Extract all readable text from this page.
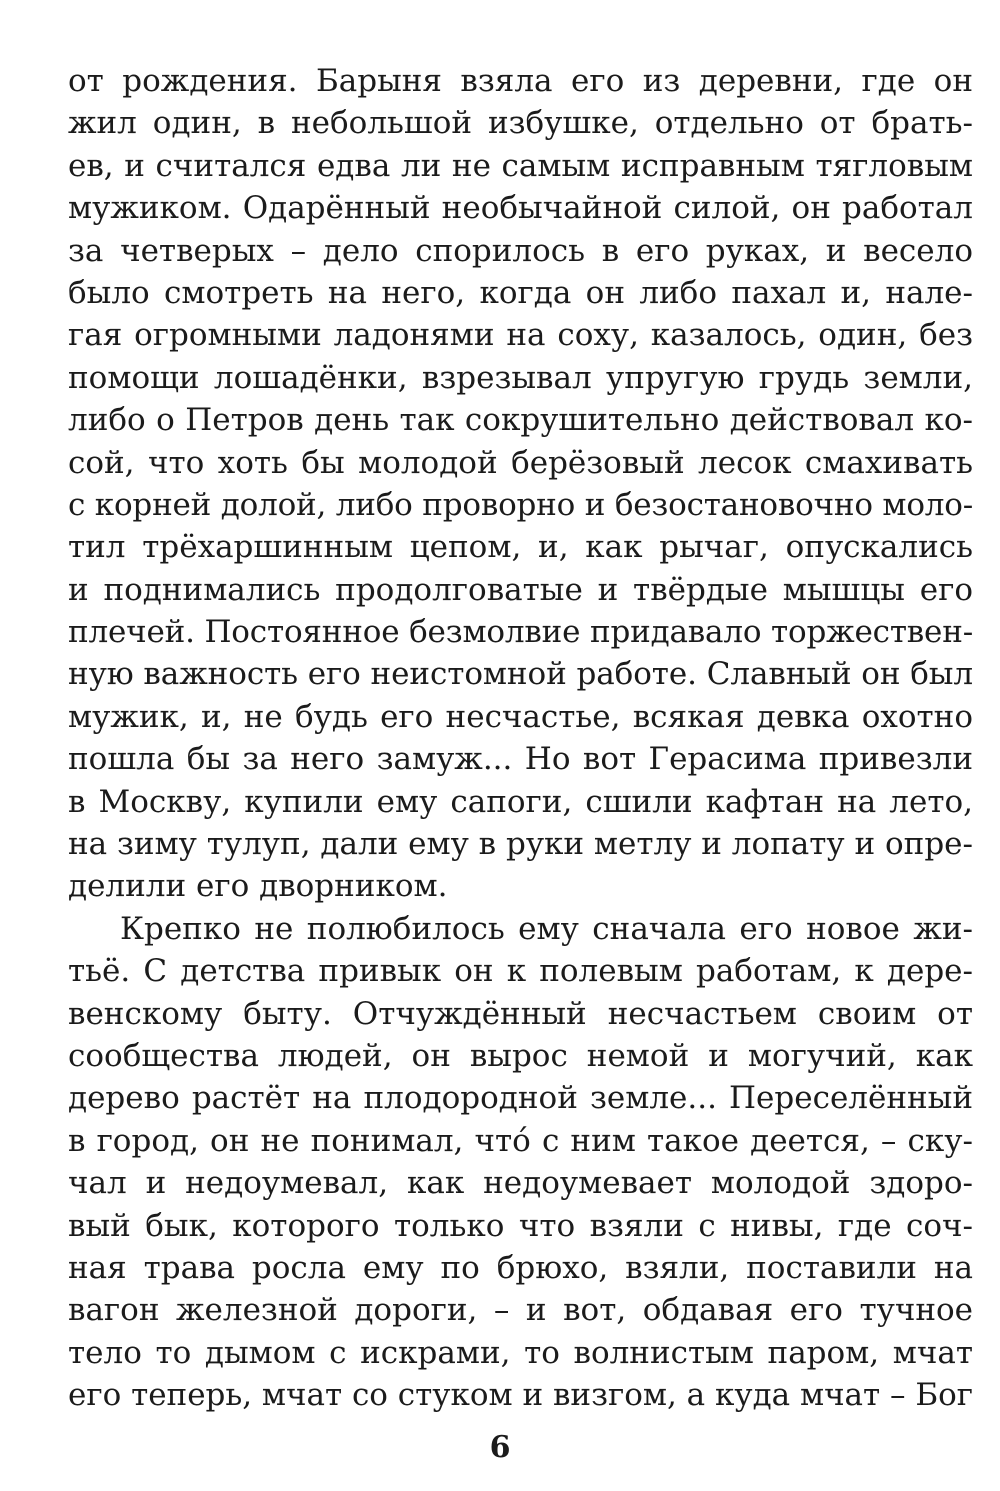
от рождения. Барыня взяла его из деревни, где он
жил один, в небольшой избушке, отдельно от брать-
ев, и считался едва ли не самым исправным тягловым
мужиком. Одарённый необычайной силой, он работал
за четверых – дело спорилось в его руках, и весело
было смотреть на него, когда он либо пахал и, нале-
гая огромными ладонями на соху, казалось, один, без
помощи лошадёнки, взрезывал упругую грудь земли,
либо о Петров день так сокрушительно действовал ко-
сой, что хоть бы молодой берёзовый лесок смахивать
с корней долой, либо проворно и безостановочно моло-
тил трёхаршинным цепом, и, как рычаг, опускались
и поднимались продолговатые и твёрдые мышцы его
плечей. Постоянное безмолвие придавало торжествен-
ную важность его неистомной работе. Славный он был
мужик, и, не будь его несчастье, всякая девка охотно
пошла бы за него замуж... Но вот Герасима привезли
в Москву, купили ему сапоги, сшили кафтан на лето,
на зиму тулуп, дали ему в руки метлу и лопату и опре-
делили его дворником.
Крепко не полюбилось ему сначала его новое жи-
тьё. С детства привык он к полевым работам, к дере-
венскому быту. Отчуждённый несчастьем своим от
сообщества людей, он вырос немой и могучий, как
дерево растёт на плодородной земле... Переселённый
в город, он не понимал, что́ с ним такое деется, – ску-
чал и недоумевал, как недоумевает молодой здоро-
вый бык, которого только что взяли с нивы, где соч-
ная трава росла ему по брюхо, взяли, поставили на
вагон железной дороги, – и вот, обдавая его тучное
тело то дымом с искрами, то волнистым паром, мчат
его теперь, мчат со стуком и визгом, а куда мчат – Бог
6
